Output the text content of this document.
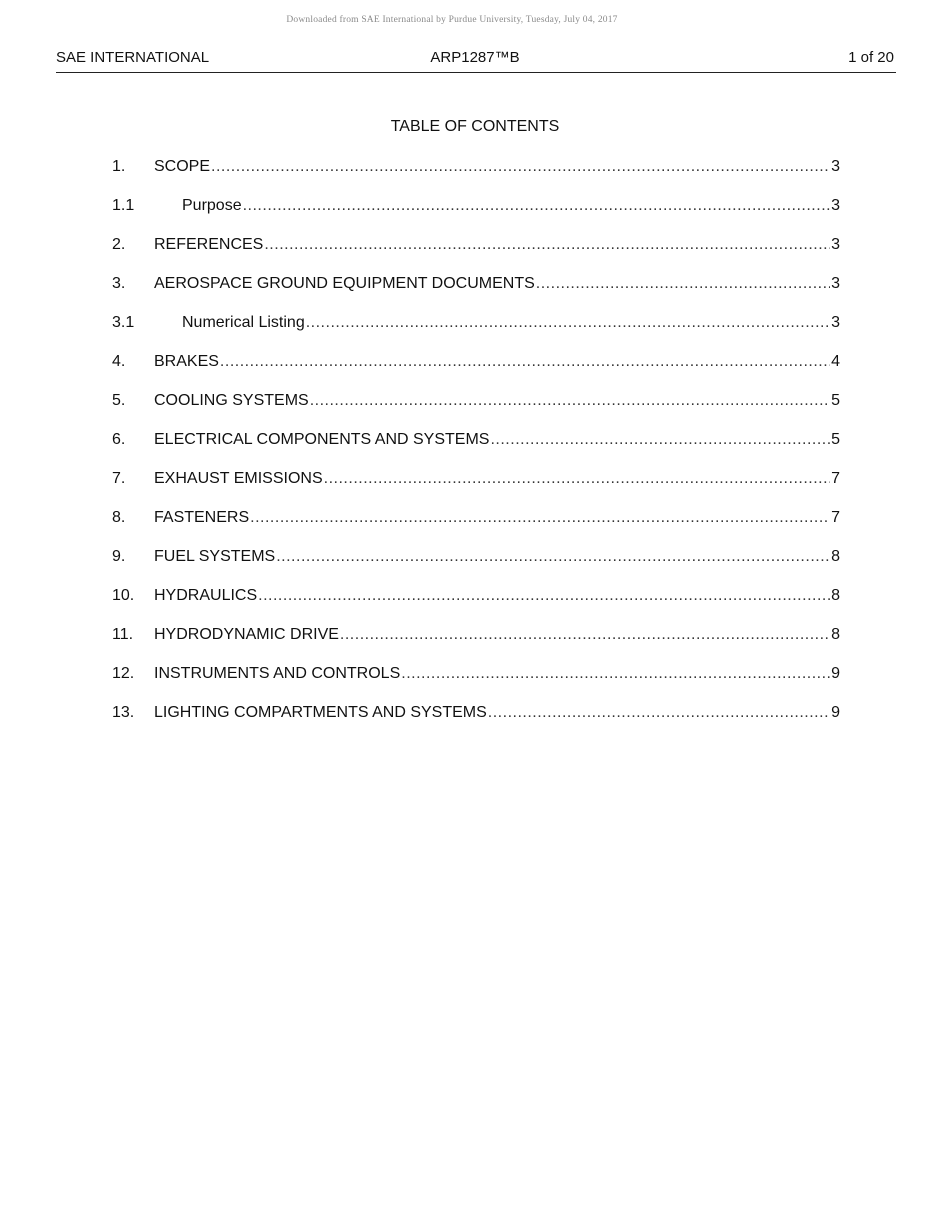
Downloaded from SAE International by Purdue University, Tuesday, July 04, 2017
SAE INTERNATIONAL	ARP1287™B	1 of 20
TABLE OF CONTENTS
1. SCOPE .....	3
1.1	Purpose .....	3
2. REFERENCES .....	3
3. AEROSPACE GROUND EQUIPMENT DOCUMENTS .....	3
3.1	Numerical Listing .....	3
4. BRAKES .....	4
5. COOLING SYSTEMS .....	5
6. ELECTRICAL COMPONENTS AND SYSTEMS .....	5
7. EXHAUST EMISSIONS .....	7
8. FASTENERS .....	7
9. FUEL SYSTEMS .....	8
10. HYDRAULICS .....	8
11. HYDRODYNAMIC DRIVE .....	8
12. INSTRUMENTS AND CONTROLS .....	9
13. LIGHTING COMPARTMENTS AND SYSTEMS .....	9
